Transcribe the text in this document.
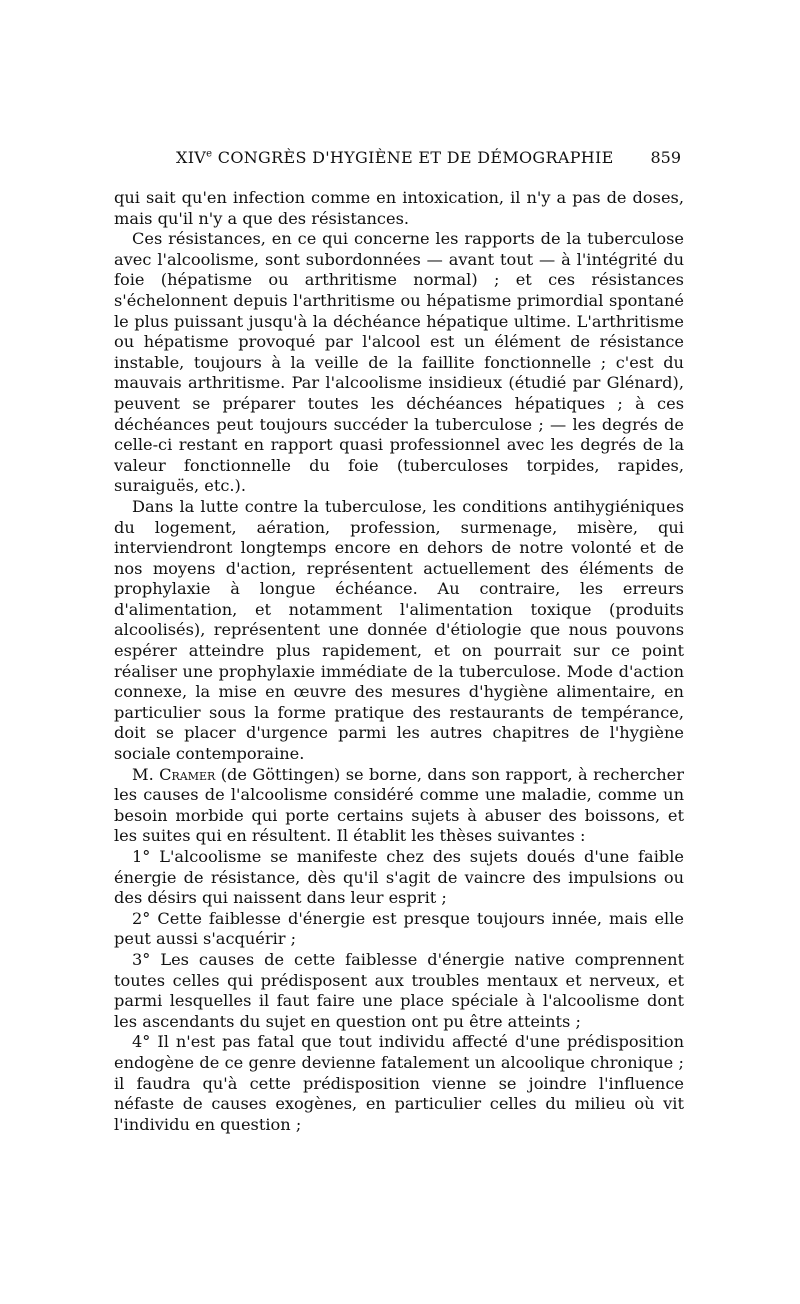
XIVe CONGRÈS D'HYGIÈNE ET DE DÉMOGRAPHIE 859

qui sait qu'en infection comme en intoxication, il n'y a pas de doses, mais qu'il n'y a que des résistances.

Ces résistances, en ce qui concerne les rapports de la tuberculose avec l'alcoolisme, sont subordonnées — avant tout — à l'intégrité du foie (hépatisme ou arthritisme normal) ; et ces résistances s'échelonnent depuis l'arthritisme ou hépatisme primordial spontané le plus puissant jusqu'à la déchéance hépatique ultime. L'arthritisme ou hépatisme provoqué par l'alcool est un élément de résistance instable, toujours à la veille de la faillite fonctionnelle ; c'est du mauvais arthritisme. Par l'alcoolisme insidieux (étudié par Glénard), peuvent se préparer toutes les déchéances hépatiques ; à ces déchéances peut toujours succéder la tuberculose ; — les degrés de celle-ci restant en rapport quasi professionnel avec les degrés de la valeur fonctionnelle du foie (tuberculoses torpides, rapides, suraiguës, etc.).

Dans la lutte contre la tuberculose, les conditions antihygiéniques du logement, aération, profession, surmenage, misère, qui interviendront longtemps encore en dehors de notre volonté et de nos moyens d'action, représentent actuellement des éléments de prophylaxie à longue échéance. Au contraire, les erreurs d'alimentation, et notamment l'alimentation toxique (produits alcoolisés), représentent une donnée d'étiologie que nous pouvons espérer atteindre plus rapidement, et on pourrait sur ce point réaliser une prophylaxie immédiate de la tuberculose. Mode d'action connexe, la mise en œuvre des mesures d'hygiène alimentaire, en particulier sous la forme pratique des restaurants de tempérance, doit se placer d'urgence parmi les autres chapitres de l'hygiène sociale contemporaine.

M. Cramer (de Göttingen) se borne, dans son rapport, à rechercher les causes de l'alcoolisme considéré comme une maladie, comme un besoin morbide qui porte certains sujets à abuser des boissons, et les suites qui en résultent. Il établit les thèses suivantes :

1° L'alcoolisme se manifeste chez des sujets doués d'une faible énergie de résistance, dès qu'il s'agit de vaincre des impulsions ou des désirs qui naissent dans leur esprit ;

2° Cette faiblesse d'énergie est presque toujours innée, mais elle peut aussi s'acquérir ;

3° Les causes de cette faiblesse d'énergie native comprennent toutes celles qui prédisposent aux troubles mentaux et nerveux, et parmi lesquelles il faut faire une place spéciale à l'alcoolisme dont les ascendants du sujet en question ont pu être atteints ;

4° Il n'est pas fatal que tout individu affecté d'une prédisposition endogène de ce genre devienne fatalement un alcoolique chronique ; il faudra qu'à cette prédisposition vienne se joindre l'influence néfaste de causes exogènes, en particulier celles du milieu où vit l'individu en question ;
